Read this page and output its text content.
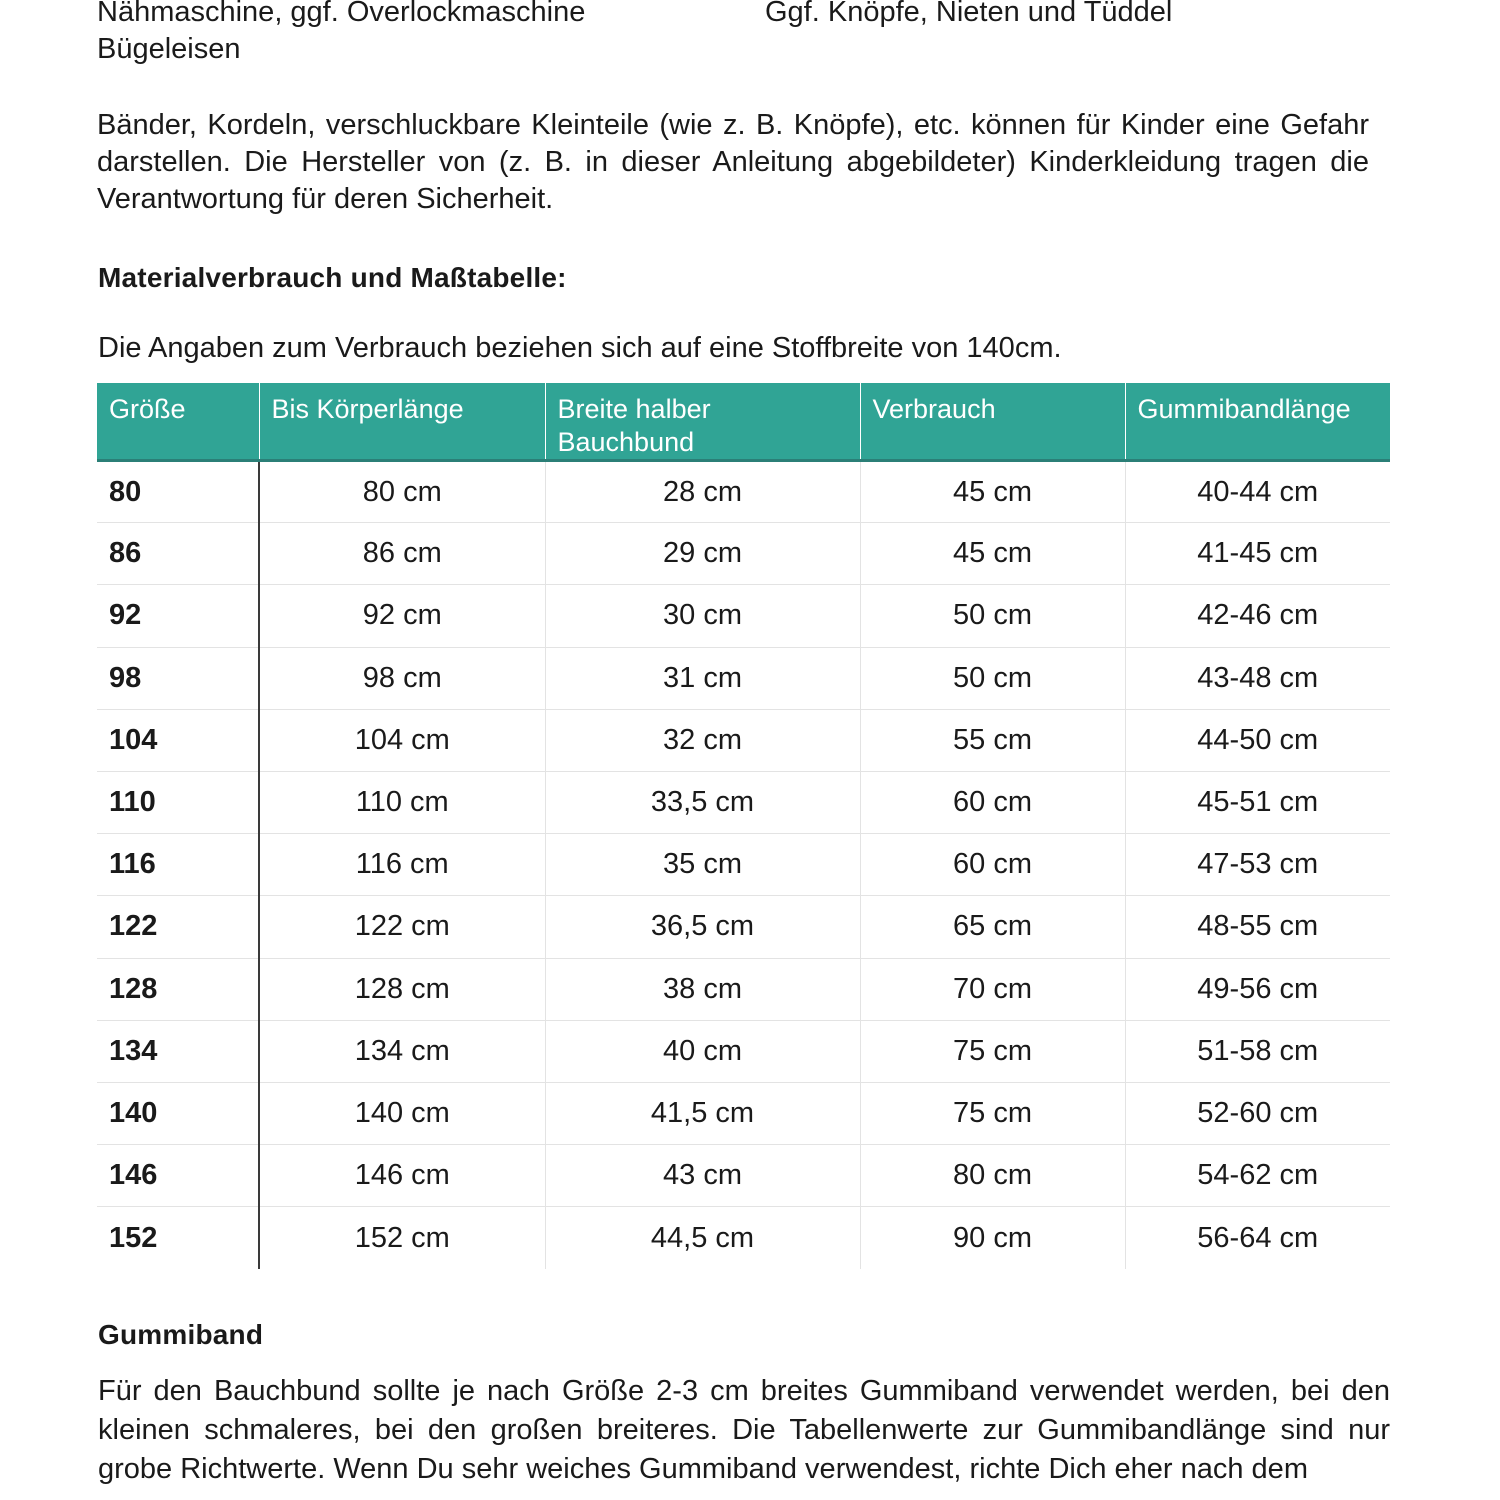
Nähmaschine, ggf. Overlockmaschine	Ggf. Knöpfe, Nieten und Tüddel
Bügeleisen
Bänder, Kordeln, verschluckbare Kleinteile (wie z. B. Knöpfe), etc. können für Kinder eine Gefahr darstellen. Die Hersteller von (z. B. in dieser Anleitung abgebildeter) Kinderkleidung tragen die Verantwortung für deren Sicherheit.
Materialverbrauch und Maßtabelle:
Die Angaben zum Verbrauch beziehen sich auf eine Stoffbreite von 140cm.
Größe	Bis Körperlänge	Breite halber Bauchbund	Verbrauch	Gummibandlänge
80	80 cm	28 cm	45 cm	40-44 cm
86	86 cm	29 cm	45 cm	41-45 cm
92	92 cm	30 cm	50 cm	42-46 cm
98	98 cm	31 cm	50 cm	43-48 cm
104	104 cm	32 cm	55 cm	44-50 cm
110	110 cm	33,5 cm	60 cm	45-51 cm
116	116 cm	35 cm	60 cm	47-53 cm
122	122 cm	36,5 cm	65 cm	48-55 cm
128	128 cm	38 cm	70 cm	49-56 cm
134	134 cm	40 cm	75 cm	51-58 cm
140	140 cm	41,5 cm	75 cm	52-60 cm
146	146 cm	43 cm	80 cm	54-62 cm
152	152 cm	44,5 cm	90 cm	56-64 cm
Gummiband
Für den Bauchbund sollte je nach Größe 2-3 cm breites Gummiband verwendet werden, bei den kleinen schmaleres, bei den großen breiteres. Die Tabellenwerte zur Gummibandlänge sind nur grobe Richtwerte. Wenn Du sehr weiches Gummiband verwendest, richte Dich eher nach dem
